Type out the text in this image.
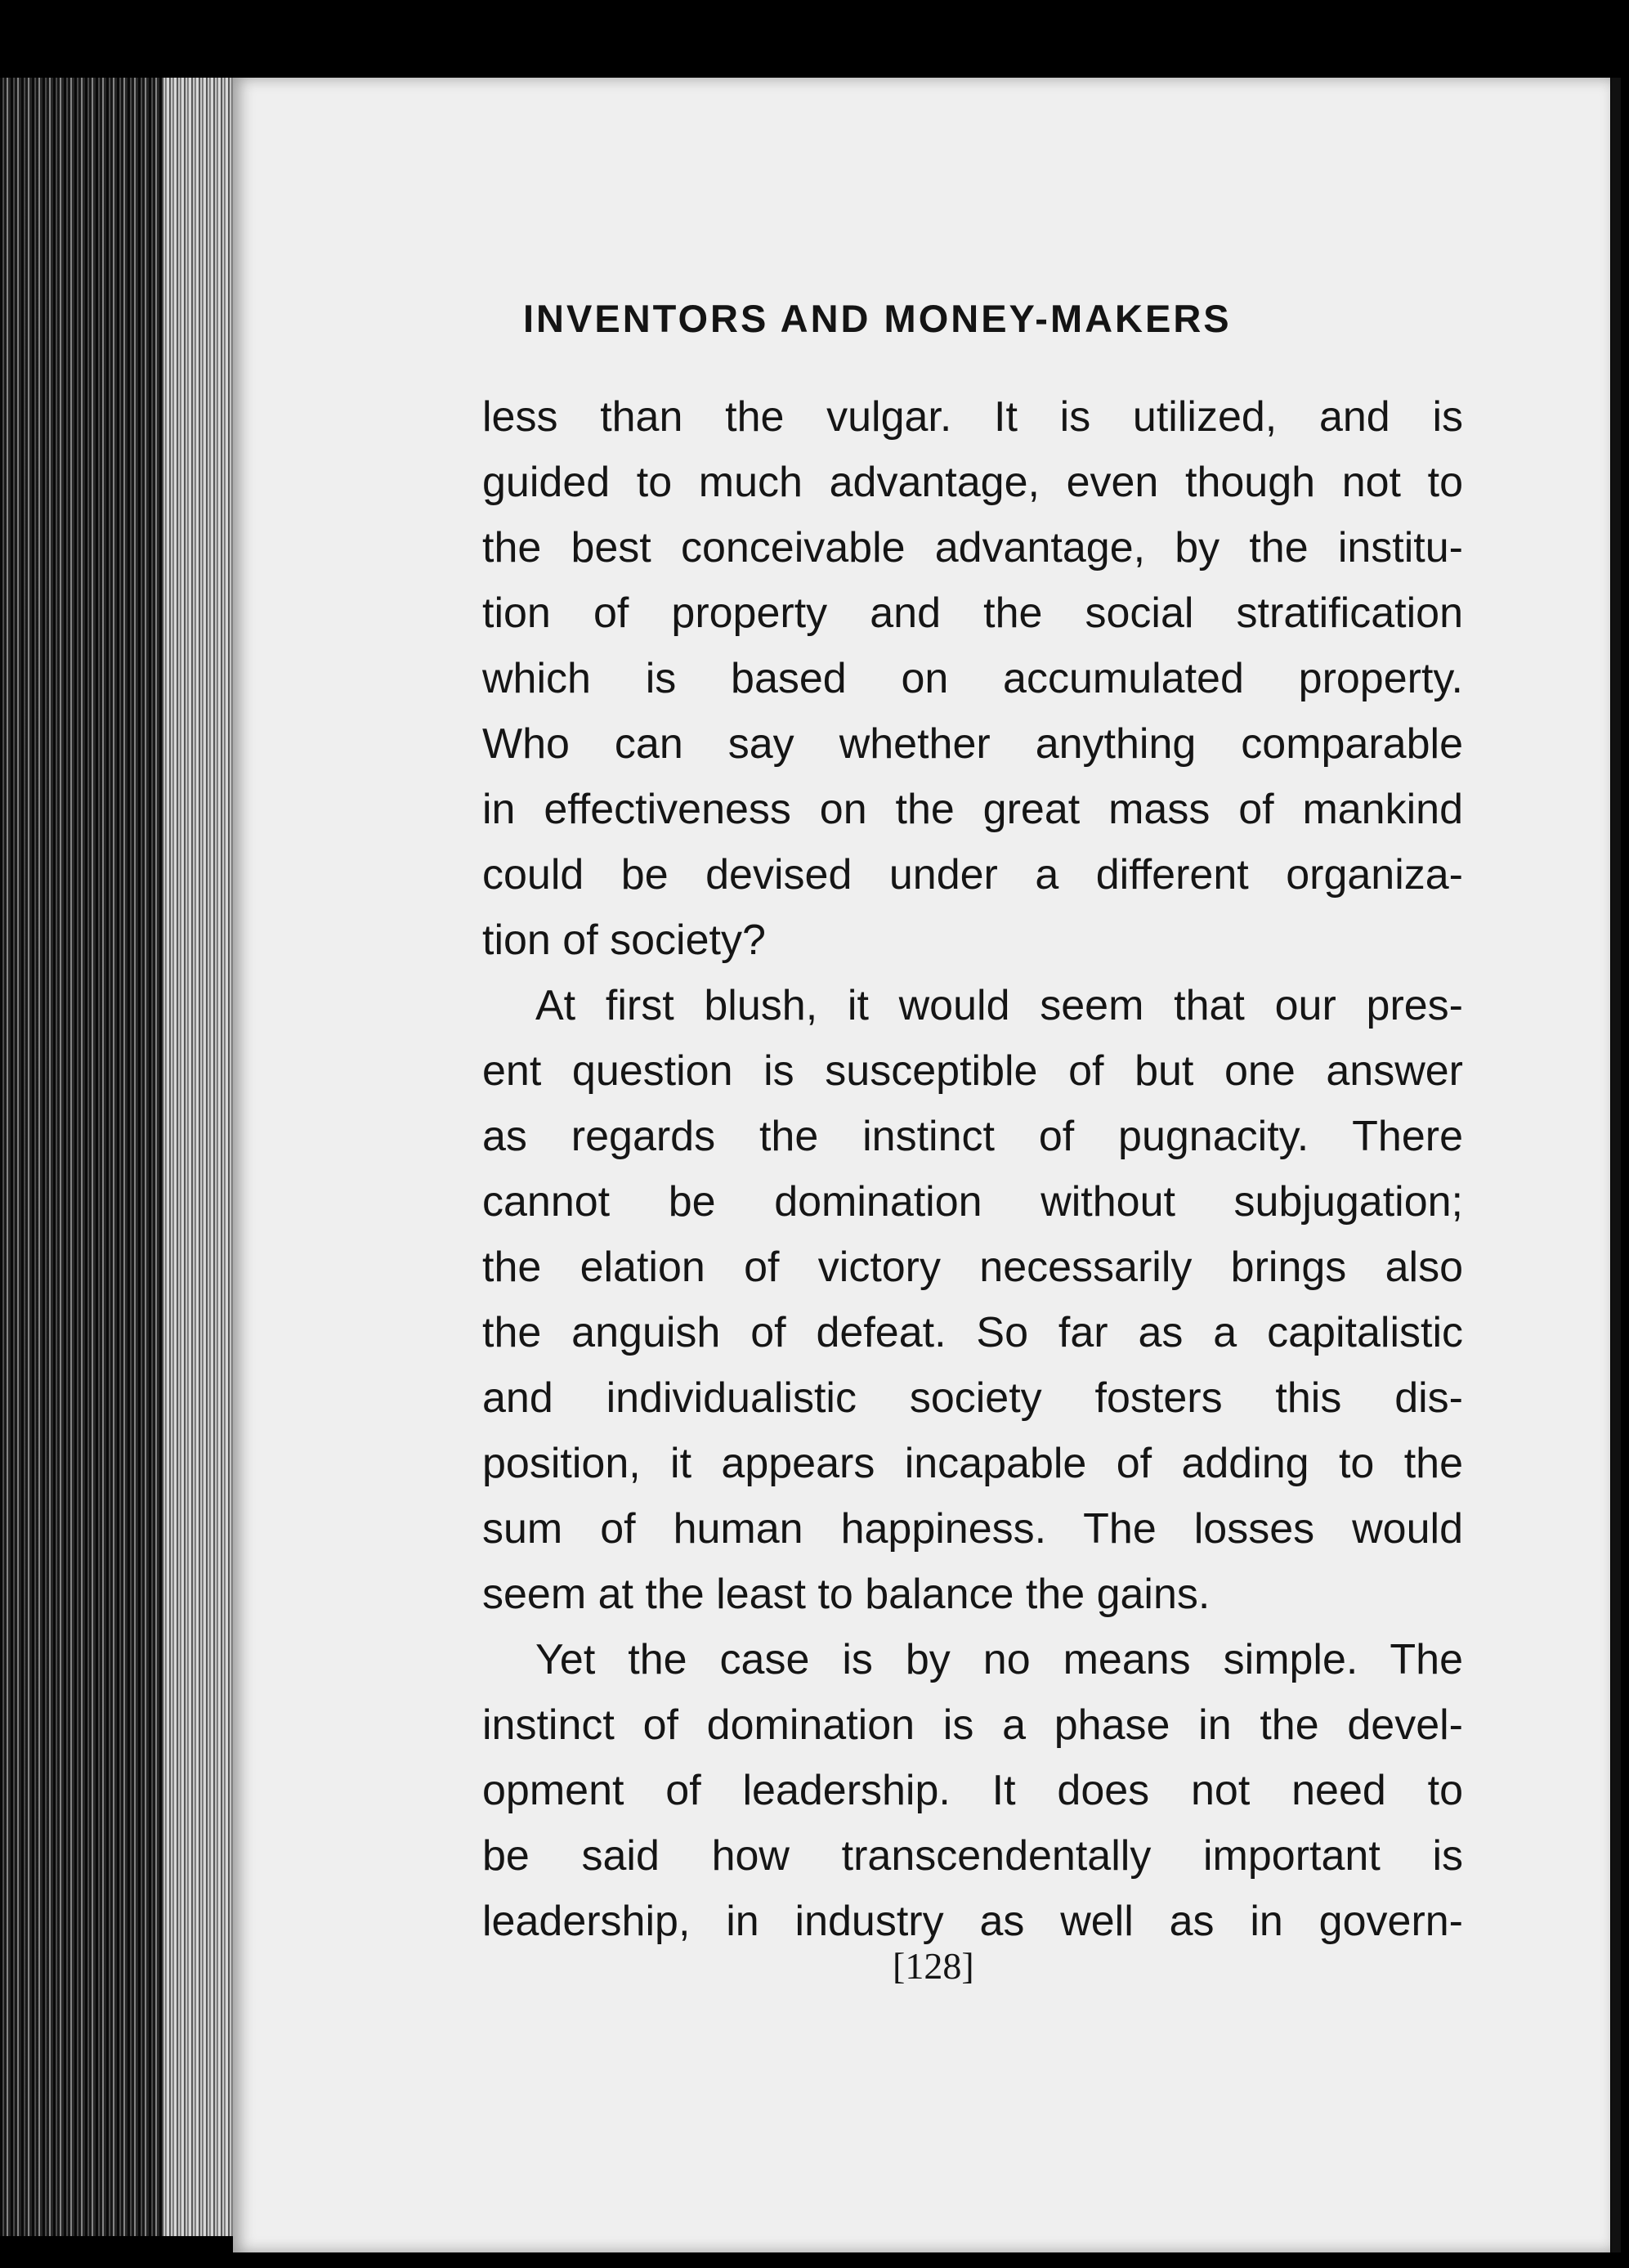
INVENTORS AND MONEY-MAKERS
less than the vulgar. It is utilized, and is
guided to much advantage, even though not to
the best conceivable advantage, by the institu-
tion of property and the social stratification
which is based on accumulated property.
Who can say whether anything comparable
in effectiveness on the great mass of mankind
could be devised under a different organiza-
tion of society?
At first blush, it would seem that our pres-
ent question is susceptible of but one answer
as regards the instinct of pugnacity. There
cannot be domination without subjugation;
the elation of victory necessarily brings also
the anguish of defeat. So far as a capitalistic
and individualistic society fosters this dis-
position, it appears incapable of adding to the
sum of human happiness. The losses would
seem at the least to balance the gains.
Yet the case is by no means simple. The
instinct of domination is a phase in the devel-
opment of leadership. It does not need to
be said how transcendentally important is
leadership, in industry as well as in govern-
[128]
